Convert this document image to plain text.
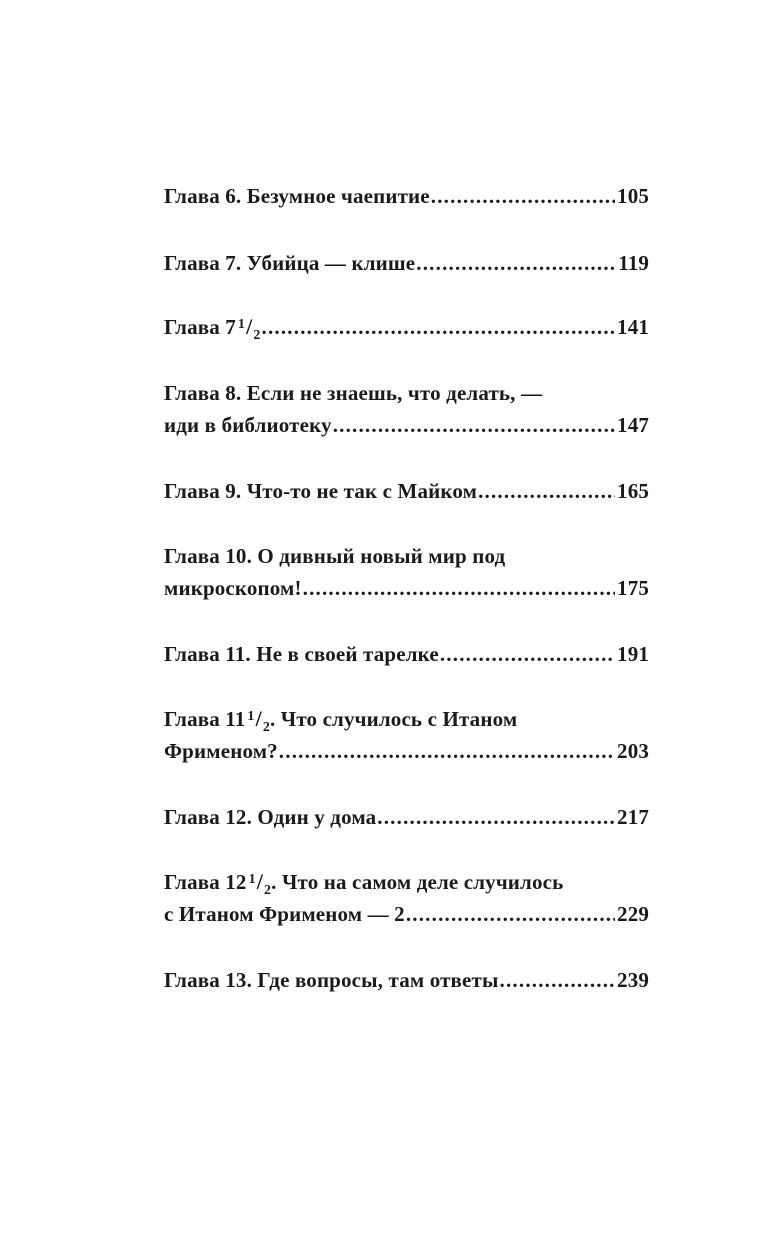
Глава 6. Безумное чаепитие .....	105
Глава 7. Убийца — клише .....	119
Глава 7 1/2 .....	141
Глава 8. Если не знаешь, что делать, —
иди в библиотеку .....	147
Глава 9. Что-то не так с Майком .....	165
Глава 10. О дивный новый мир под
микроскопом! .....	175
Глава 11. Не в своей тарелке .....	191
Глава 11 1/2. Что случилось с Итаном
Фрименом? .....	203
Глава 12. Один у дома .....	217
Глава 12 1/2. Что на самом деле случилось
с Итаном Фрименом — 2 .....	229
Глава 13. Где вопросы, там ответы .....	239
